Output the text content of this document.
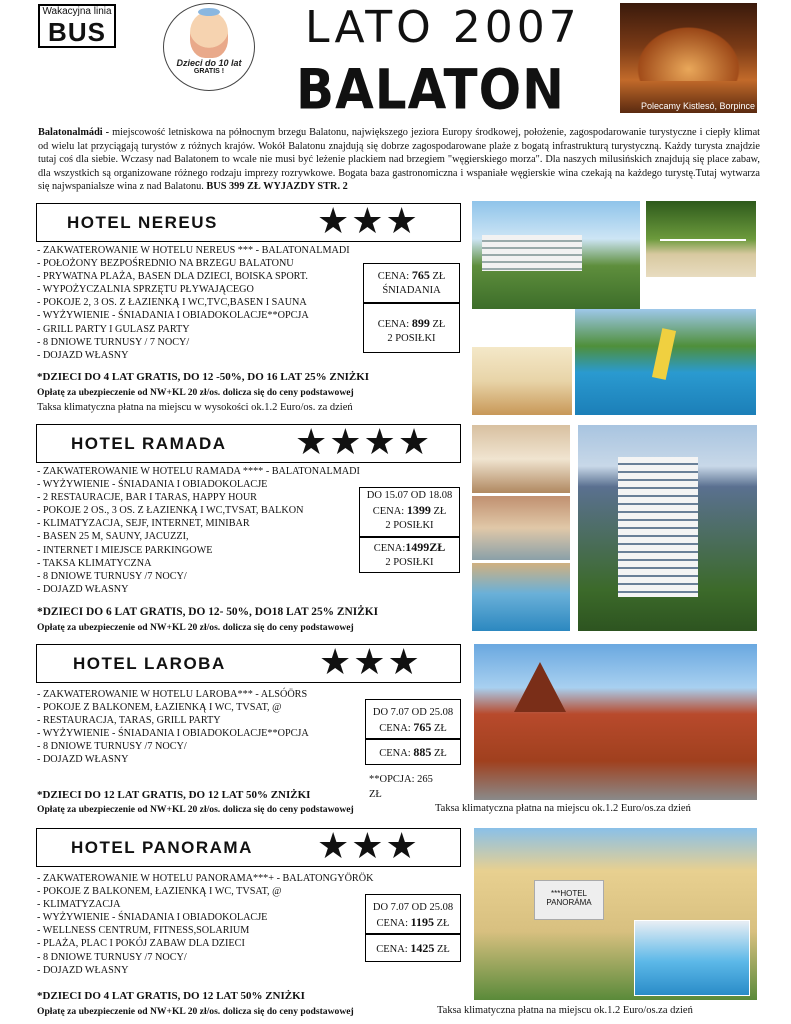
Wakacyjna linia
BUS
Dzieci do 10 lat
GRATIS !
LATO 2007
BALATON	Polecamy Kistlesó, Borpince
Balatonalmádi - miejscowość letniskowa na północnym brzegu Balatonu, największego jeziora Europy środkowej, położenie, zagospodarowanie turystyczne i ciepły klimat od wielu lat przyciągają turystów z różnych krajów. Wokół Balatonu znajdują się dobrze zagospodarowane plaże z bogatą infrastrukturą turystyczną. Każdy turysta znajdzie tutaj coś dla siebie. Wczasy nad Balatonem to wcale nie musi być leżenie plackiem nad brzegiem "węgierskiego morza". Dla naszych milusińskich znajdują się place zabaw, dla wszystkich są organizowane różnego rodzaju imprezy rozrywkowe. Bogata baza gastronomiczna i wspaniałe węgierskie wina czekają na każdego turystę.Tutaj wytwarza się najwspanialsze wina z nad Balatonu. BUS 399 ZŁ WYJAZDY STR. 2
HOTEL NEREUS	★★★
- ZAKWATEROWANIE W HOTELU NEREUS *** - BALATONALMADI
- POŁOŻONY BEZPOŚREDNIO NA BRZEGU BALATONU
- PRYWATNA PLAŻA, BASEN DLA DZIECI, BOISKA SPORT.
- WYPOŻYCZALNIA SPRZĘTU PŁYWAJĄCEGO
- POKOJE 2, 3 OS. Z ŁAZIENKĄ I WC,TVC,BASEN I SAUNA
- WYŻYWIENIE - ŚNIADANIA I OBIADOKOLACJE**OPCJA
- GRILL PARTY I GULASZ PARTY
- 8 DNIOWE TURNUSY / 7 NOCY/
- DOJAZD WŁASNY
CENA: 765 ZŁ
ŚNIADANIA
CENA: 899 ZŁ
2 POSIŁKI
*DZIECI DO 4 LAT GRATIS, DO 12 -50%, DO 16 LAT 25% ZNIŻKI
Opłatę za ubezpieczenie od NW+KL 20 zł/os. dolicza się do ceny podstawowej
Taksa klimatyczna płatna na miejscu w wysokości ok.1.2 Euro/os. za dzień
HOTEL RAMADA ★★★★
- ZAKWATEROWANIE W HOTELU RAMADA **** - BALATONALMADI
- WYŻYWIENIE - ŚNIADANIA I OBIADOKOLACJE
- 2 RESTAURACJE, BAR I TARAS, HAPPY HOUR
- POKOJE 2 OS., 3 OS. Z ŁAZIENKĄ I WC,TVSAT, BALKON
- KLIMATYZACJA, SEJF, INTERNET, MINIBAR
- BASEN 25 M, SAUNY, JACUZZI,
- INTERNET I MIEJSCE PARKINGOWE
- TAKSA KLIMATYCZNA
- 8 DNIOWE TURNUSY /7 NOCY/
- DOJAZD WŁASNY
DO 15.07 OD 18.08
CENA: 1399 ZŁ
2 POSIŁKI
CENA:1499ZŁ
2 POSIŁKI
*DZIECI DO 6 LAT GRATIS, DO 12- 50%, DO18 LAT 25% ZNIŻKI
Opłatę za ubezpieczenie od NW+KL 20 zł/os. dolicza się do ceny podstawowej
HOTEL LAROBA	★★★
- ZAKWATEROWANIE W HOTELU LAROBA*** - ALSÓÖRS
- POKOJE Z BALKONEM, ŁAZIENKĄ I WC, TVSAT, @
- RESTAURACJA, TARAS, GRILL PARTY
- WYŻYWIENIE - ŚNIADANIA I OBIADOKOLACJE**OPCJA
- 8 DNIOWE TURNUSY /7 NOCY/
- DOJAZD WŁASNY
DO 7.07 OD 25.08
CENA: 765 ZŁ
CENA: 885 ZŁ
**OPCJA: 265
*DZIECI DO 12 LAT GRATIS, DO 12 LAT 50% ZNIŻKI	ZŁ
Opłatę za ubezpieczenie od NW+KL 20 zł/os. dolicza się do ceny podstawowej	Taksa klimatyczna płatna na miejscu ok.1.2 Euro/os.za dzień
HOTEL PANORAMA ★★★
- ZAKWATEROWANIE W HOTELU PANORAMA***+ - BALATONGYÖRÖK
- POKOJE Z BALKONEM, ŁAZIENKĄ I WC, TVSAT, @
- KLIMATYZACJA
- WYŻYWIENIE - ŚNIADANIA I OBIADOKOLACJE
- WELLNESS CENTRUM, FITNESS,SOLARIUM
- PLAŻA, PLAC I POKÓJ ZABAW DLA DZIECI
- 8 DNIOWE TURNUSY /7 NOCY/
- DOJAZD WŁASNY
DO 7.07 OD 25.08
CENA: 1195 ZŁ
CENA: 1425 ZŁ
*DZIECI DO 4 LAT GRATIS, DO 12 LAT 50% ZNIŻKI
Opłatę za ubezpieczenie od NW+KL 20 zł/os. dolicza się do ceny podstawowej	Taksa klimatyczna płatna na miejscu ok.1.2 Euro/os.za dzień
***HOTEL
PANORÁMA
